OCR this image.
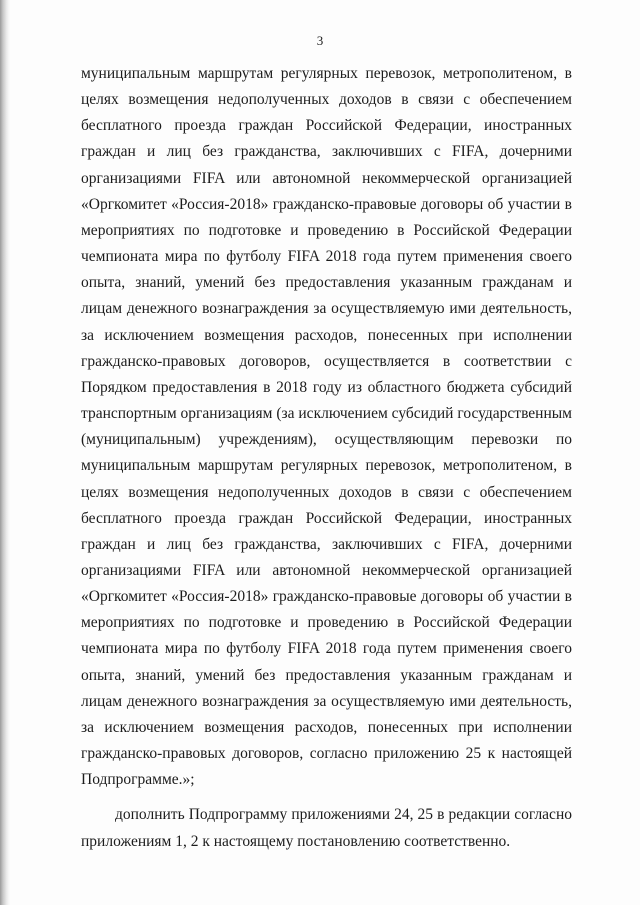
3

муниципальным маршрутам регулярных перевозок, метрополитеном, в целях возмещения недополученных доходов в связи с обеспечением бесплатного проезда граждан Российской Федерации, иностранных граждан и лиц без гражданства, заключивших с FIFA, дочерними организациями FIFA или автономной некоммерческой организацией «Оргкомитет «Россия-2018» гражданско-правовые договоры об участии в мероприятиях по подготовке и проведению в Российской Федерации чемпионата мира по футболу FIFA 2018 года путем применения своего опыта, знаний, умений без предоставления указанным гражданам и лицам денежного вознаграждения за осуществляемую ими деятельность, за исключением возмещения расходов, понесенных при исполнении гражданско-правовых договоров, осуществляется в соответствии с Порядком предоставления в 2018 году из областного бюджета субсидий транспортным организациям (за исключением субсидий государственным (муниципальным) учреждениям), осуществляющим перевозки по муниципальным маршрутам регулярных перевозок, метрополитеном, в целях возмещения недополученных доходов в связи с обеспечением бесплатного проезда граждан Российской Федерации, иностранных граждан и лиц без гражданства, заключивших с FIFA, дочерними организациями FIFA или автономной некоммерческой организацией «Оргкомитет «Россия-2018» гражданско-правовые договоры об участии в мероприятиях по подготовке и проведению в Российской Федерации чемпионата мира по футболу FIFA 2018 года путем применения своего опыта, знаний, умений без предоставления указанным гражданам и лицам денежного вознаграждения за осуществляемую ими деятельность, за исключением возмещения расходов, понесенных при исполнении гражданско-правовых договоров, согласно приложению 25 к настоящей Подпрограмме.»;

дополнить Подпрограмму приложениями 24, 25 в редакции согласно приложениям 1, 2 к настоящему постановлению соответственно.
